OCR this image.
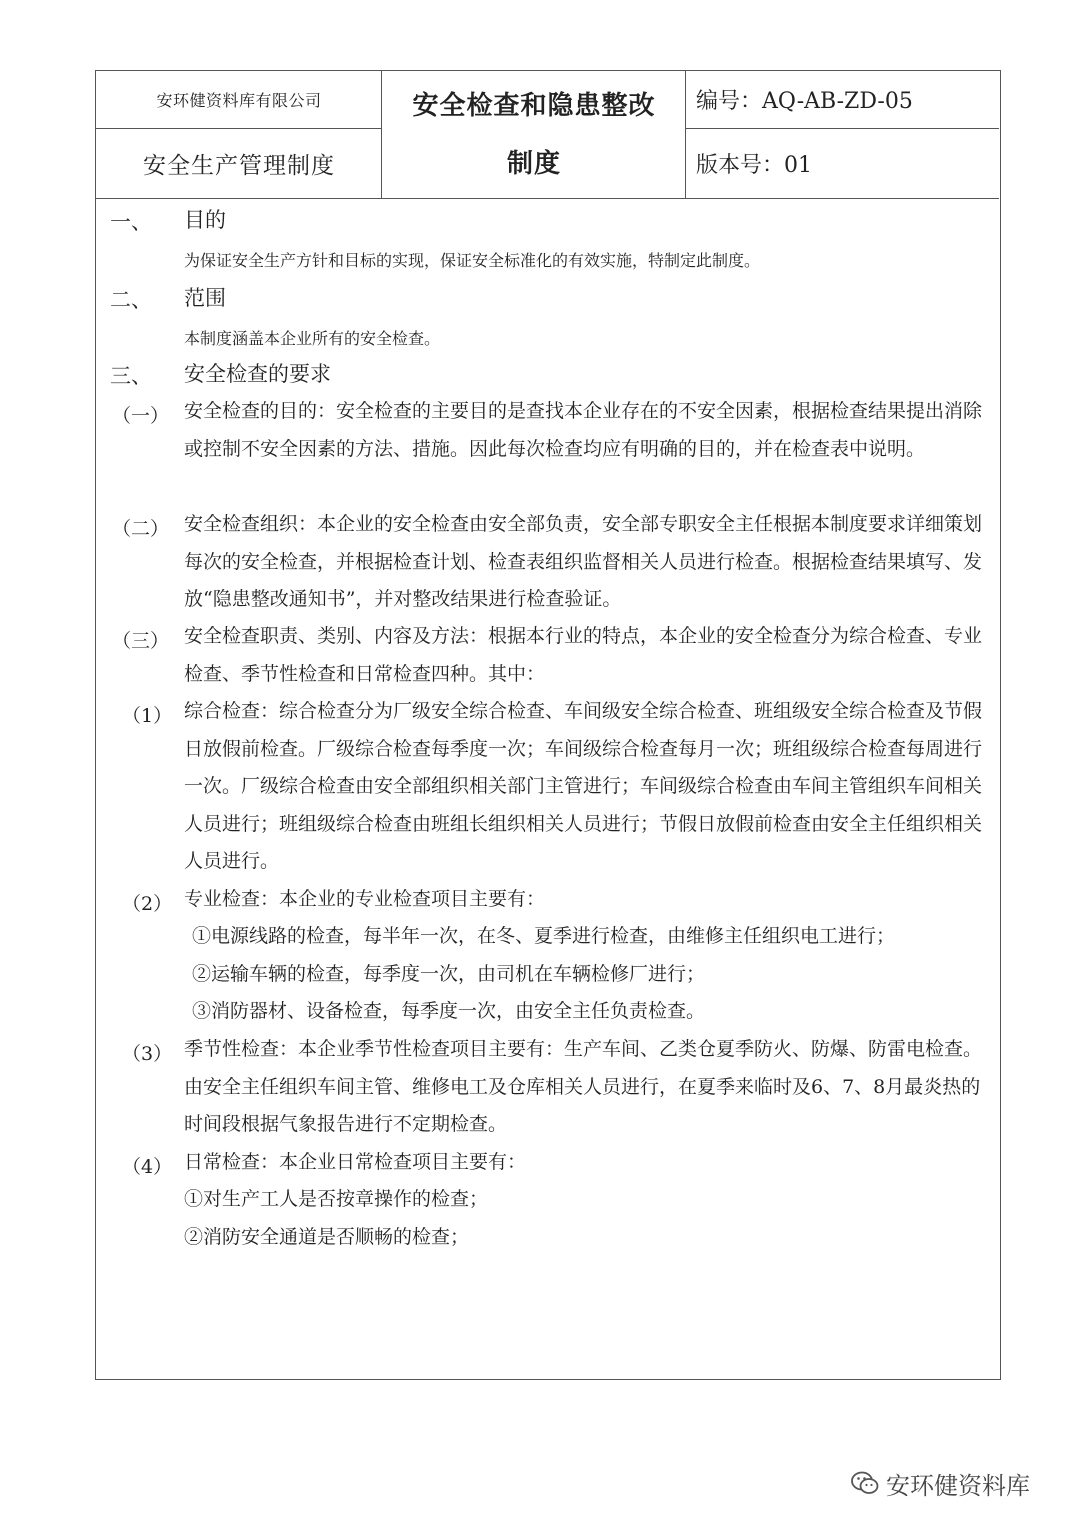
安环健资料库有限公司
安全生产管理制度
安全检查和隐患整改
制度
编号：AQ-AB-ZD-05
版本号：01
一、 目的
为保证安全生产方针和目标的实现，保证安全标准化的有效实施，特制定此制度。
二、 范围
本制度涵盖本企业所有的安全检查。
三、 安全检查的要求
（一） 安全检查的目的：安全检查的主要目的是查找本企业存在的不安全因素，根据检查结果提出消除或控制不安全因素的方法、措施。因此每次检查均应有明确的目的，并在检查表中说明。
（二） 安全检查组织：本企业的安全检查由安全部负责，安全部专职安全主任根据本制度要求详细策划每次的安全检查，并根据检查计划、检查表组织监督相关人员进行检查。根据检查结果填写、发放“隐患整改通知书”，并对整改结果进行检查验证。
（三） 安全检查职责、类别、内容及方法：根据本行业的特点，本企业的安全检查分为综合检查、专业检查、季节性检查和日常检查四种。其中：
（1） 综合检查：综合检查分为厂级安全综合检查、车间级安全综合检查、班组级安全综合检查及节假日放假前检查。厂级综合检查每季度一次；车间级综合检查每月一次；班组级综合检查每周进行一次。厂级综合检查由安全部组织相关部门主管进行；车间级综合检查由车间主管组织车间相关人员进行；班组级综合检查由班组长组织相关人员进行；节假日放假前检查由安全主任组织相关人员进行。
（2） 专业检查：本企业的专业检查项目主要有：
①电源线路的检查，每半年一次，在冬、夏季进行检查，由维修主任组织电工进行；
②运输车辆的检查，每季度一次，由司机在车辆检修厂进行；
③消防器材、设备检查，每季度一次，由安全主任负责检查。
（3） 季节性检查：本企业季节性检查项目主要有：生产车间、乙类仓夏季防火、防爆、防雷电检查。由安全主任组织车间主管、维修电工及仓库相关人员进行，在夏季来临时及6、7、8月最炎热的时间段根据气象报告进行不定期检查。
（4） 日常检查：本企业日常检查项目主要有：
①对生产工人是否按章操作的检查；
②消防安全通道是否顺畅的检查；
安环健资料库
